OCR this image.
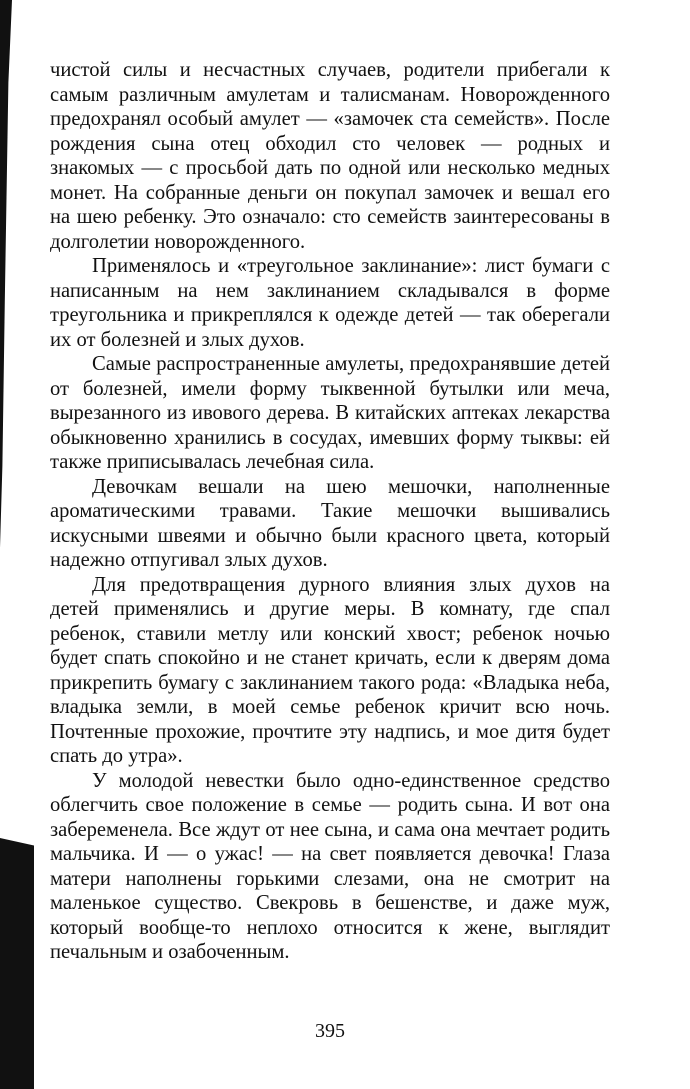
чистой силы и несчастных случаев, родители прибегали к самым различным амулетам и талисманам. Новорожденного предохранял особый амулет — «замочек ста семейств». После рождения сына отец обходил сто человек — родных и знакомых — с просьбой дать по одной или несколько медных монет. На собранные деньги он покупал замочек и вешал его на шею ребенку. Это означало: сто семейств заинтересованы в долголетии новорожденного.

Применялось и «треугольное заклинание»: лист бумаги с написанным на нем заклинанием складывался в форме треугольника и прикреплялся к одежде детей — так оберегали их от болезней и злых духов.

Самые распространенные амулеты, предохранявшие детей от болезней, имели форму тыквенной бутылки или меча, вырезанного из ивового дерева. В китайских аптеках лекарства обыкновенно хранились в сосудах, имевших форму тыквы: ей также приписывалась лечебная сила.

Девочкам вешали на шею мешочки, наполненные ароматическими травами. Такие мешочки вышивались искусными швеями и обычно были красного цвета, который надежно отпугивал злых духов.

Для предотвращения дурного влияния злых духов на детей применялись и другие меры. В комнату, где спал ребенок, ставили метлу или конский хвост; ребенок ночью будет спать спокойно и не станет кричать, если к дверям дома прикрепить бумагу с заклинанием такого рода: «Владыка неба, владыка земли, в моей семье ребенок кричит всю ночь. Почтенные прохожие, прочтите эту надпись, и мое дитя будет спать до утра».

У молодой невестки было одно-единственное средство облегчить свое положение в семье — родить сына. И вот она забеременела. Все ждут от нее сына, и сама она мечтает родить мальчика. И — о ужас! — на свет появляется девочка! Глаза матери наполнены горькими слезами, она не смотрит на маленькое существо. Свекровь в бешенстве, и даже муж, который вообще-то неплохо относится к жене, выглядит печальным и озабоченным.

395
